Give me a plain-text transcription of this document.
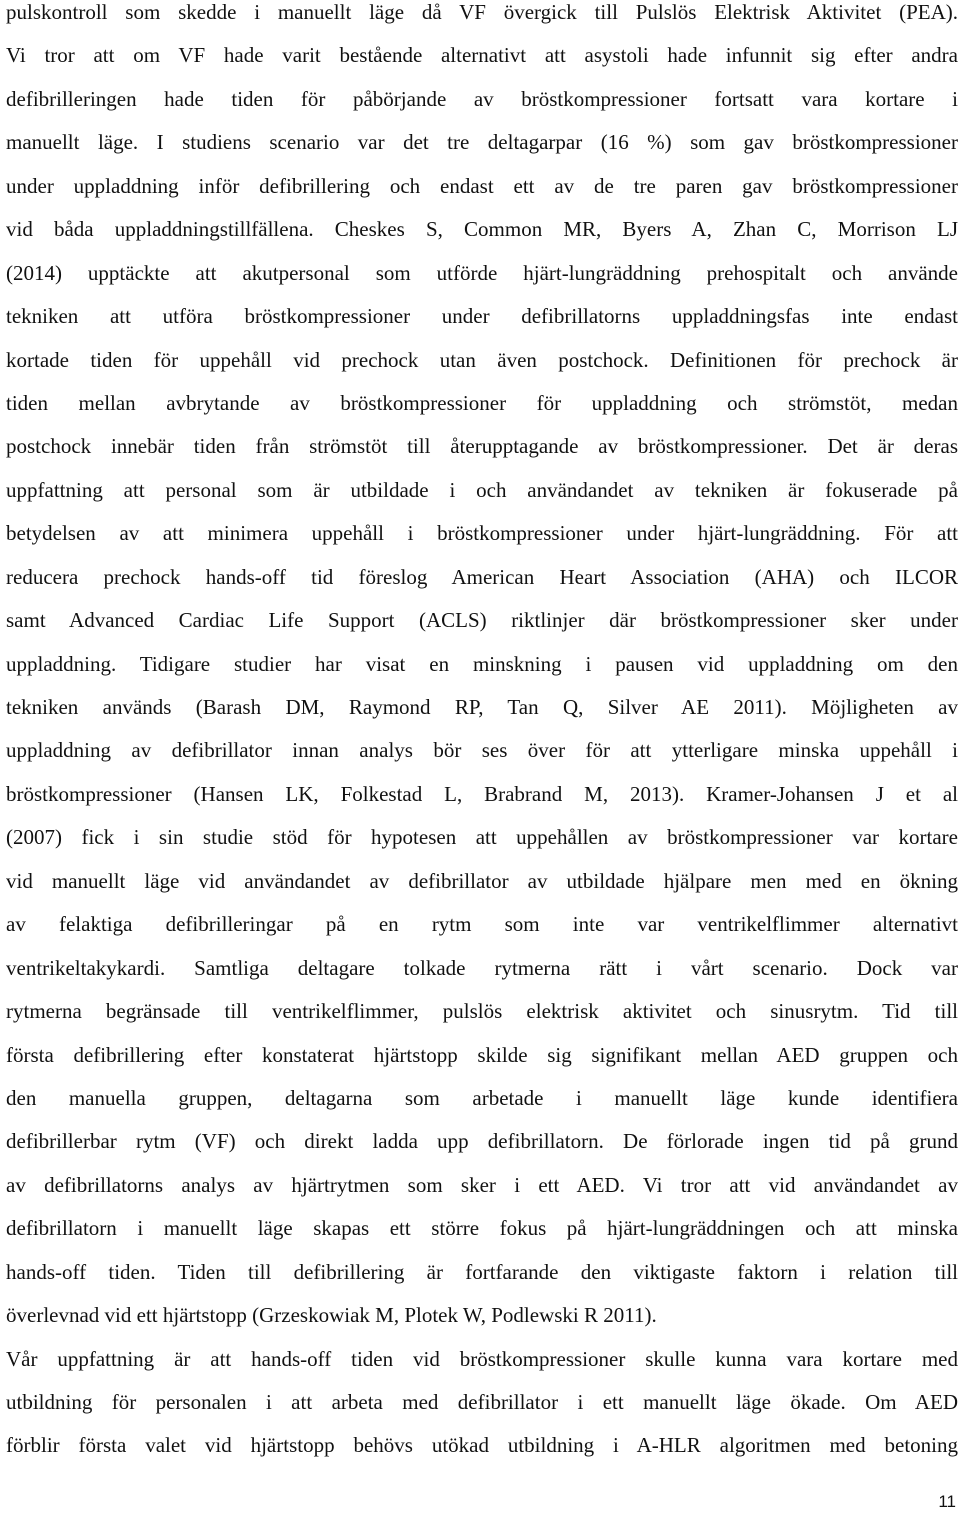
pulskontroll som skedde i manuellt läge då VF övergick till Pulslös Elektrisk Aktivitet (PEA).
Vi tror att om VF hade varit bestående alternativt att asystoli hade infunnit sig efter andra
defibrilleringen hade tiden för påbörjande av bröstkompressioner fortsatt vara kortare i
manuellt läge. I studiens scenario var det tre deltagarpar (16 %) som gav bröstkompressioner
under uppladdning inför defibrillering och endast ett av de tre paren gav bröstkompressioner
vid båda uppladdningstillfällena. Cheskes S, Common MR, Byers A, Zhan C, Morrison LJ
(2014) upptäckte att akutpersonal som utförde hjärt-lungräddning prehospitalt och använde
tekniken att utföra bröstkompressioner under defibrillatorns uppladdningsfas inte endast
kortade tiden för uppehåll vid prechock utan även postchock. Definitionen för prechock är
tiden mellan avbrytande av bröstkompressioner för uppladdning och strömstöt, medan
postchock innebär tiden från strömstöt till återupptagande av bröstkompressioner. Det är deras
uppfattning att personal som är utbildade i och användandet av tekniken är fokuserade på
betydelsen av att minimera uppehåll i bröstkompressioner under hjärt-lungräddning. För att
reducera prechock hands-off tid föreslog American Heart Association (AHA) och ILCOR
samt Advanced Cardiac Life Support (ACLS) riktlinjer där bröstkompressioner sker under
uppladdning. Tidigare studier har visat en minskning i pausen vid uppladdning om den
tekniken används (Barash DM, Raymond RP, Tan Q, Silver AE 2011). Möjligheten av
uppladdning av defibrillator innan analys bör ses över för att ytterligare minska uppehåll i
bröstkompressioner (Hansen LK, Folkestad L, Brabrand M, 2013). Kramer-Johansen J et al
(2007) fick i sin studie stöd för hypotesen att uppehållen av bröstkompressioner var kortare
vid manuellt läge vid användandet av defibrillator av utbildade hjälpare men med en ökning
av felaktiga defibrilleringar på en rytm som inte var ventrikelflimmer alternativt
ventrikeltakykardi. Samtliga deltagare tolkade rytmerna rätt i vårt scenario. Dock var
rytmerna begränsade till ventrikelflimmer, pulslös elektrisk aktivitet och sinusrytm. Tid till
första defibrillering efter konstaterat hjärtstopp skilde sig signifikant mellan AED gruppen och
den manuella gruppen, deltagarna som arbetade i manuellt läge kunde identifiera
defibrillerbar rytm (VF) och direkt ladda upp defibrillatorn. De förlorade ingen tid på grund
av defibrillatorns analys av hjärtrytmen som sker i ett AED. Vi tror att vid användandet av
defibrillatorn i manuellt läge skapas ett större fokus på hjärt-lungräddningen och att minska
hands-off tiden. Tiden till defibrillering är fortfarande den viktigaste faktorn i relation till
överlevnad vid ett hjärtstopp (Grzeskowiak M, Plotek W, Podlewski R 2011).
Vår uppfattning är att hands-off tiden vid bröstkompressioner skulle kunna vara kortare med
utbildning för personalen i att arbeta med defibrillator i ett manuellt läge ökade. Om AED
förblir första valet vid hjärtstopp behövs utökad utbildning i A-HLR algoritmen med betoning
11
